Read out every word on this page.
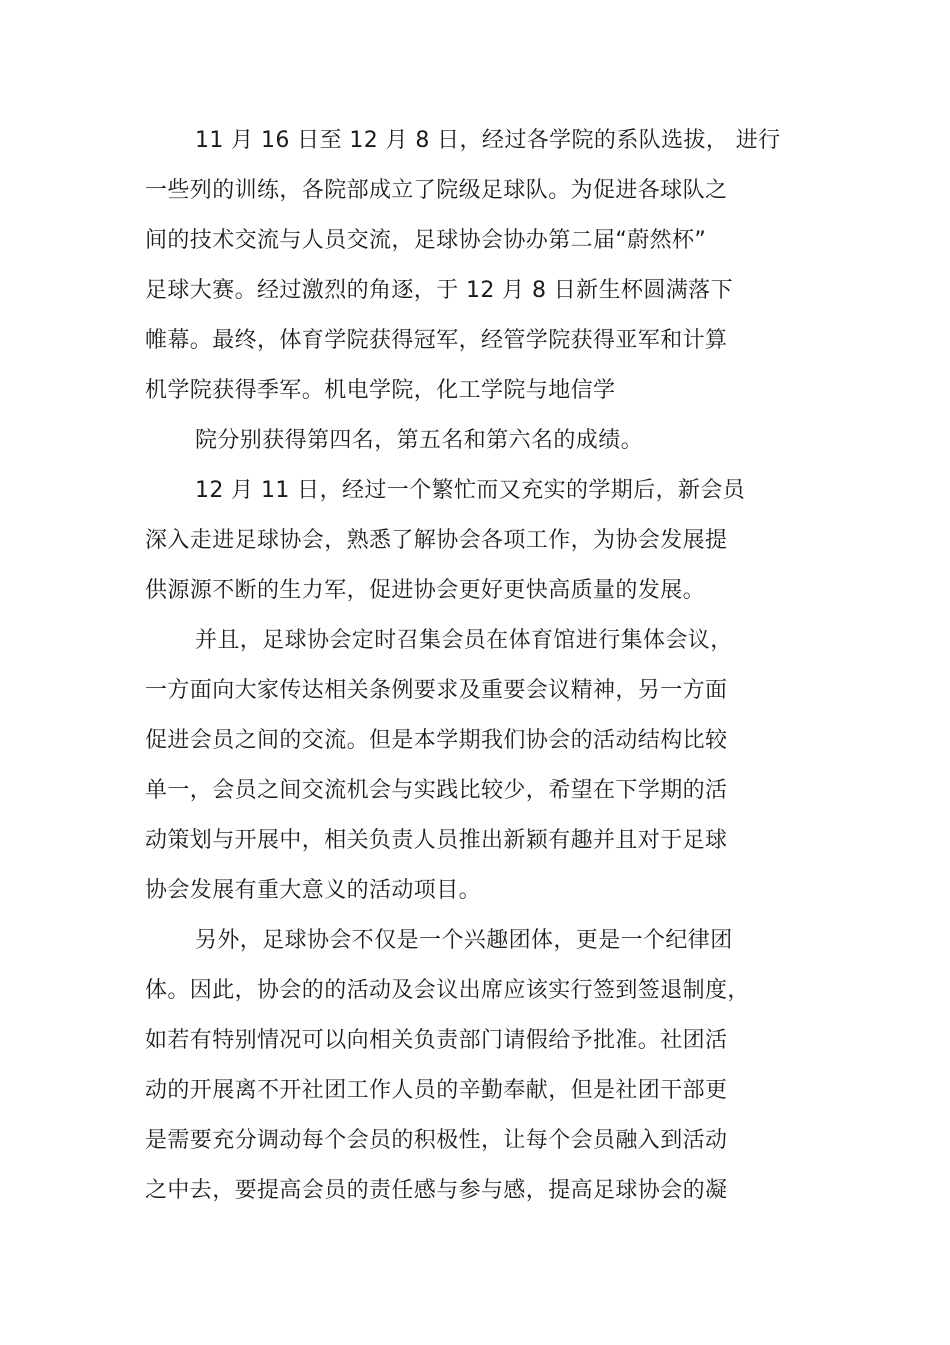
11 月 16 日至 12 月 8 日，经过各学院的系队选拔， 进行
一些列的训练，各院部成立了院级足球队。为促进各球队之
间的技术交流与人员交流，足球协会协办第二届“蔚然杯”
足球大赛。经过激烈的角逐，于 12 月 8 日新生杯圆满落下
帷幕。最终，体育学院获得冠军，经管学院获得亚军和计算
机学院获得季军。机电学院，化工学院与地信学
院分别获得第四名，第五名和第六名的成绩。
12 月 11 日，经过一个繁忙而又充实的学期后，新会员
深入走进足球协会，熟悉了解协会各项工作，为协会发展提
供源源不断的生力军，促进协会更好更快高质量的发展。
并且，足球协会定时召集会员在体育馆进行集体会议，
一方面向大家传达相关条例要求及重要会议精神，另一方面
促进会员之间的交流。但是本学期我们协会的活动结构比较
单一，会员之间交流机会与实践比较少，希望在下学期的活
动策划与开展中，相关负责人员推出新颖有趣并且对于足球
协会发展有重大意义的活动项目。
另外，足球协会不仅是一个兴趣团体，更是一个纪律团
体。因此，协会的的活动及会议出席应该实行签到签退制度，
如若有特别情况可以向相关负责部门请假给予批准。社团活
动的开展离不开社团工作人员的辛勤奉献，但是社团干部更
是需要充分调动每个会员的积极性，让每个会员融入到活动
之中去，要提高会员的责任感与参与感，提高足球协会的凝
